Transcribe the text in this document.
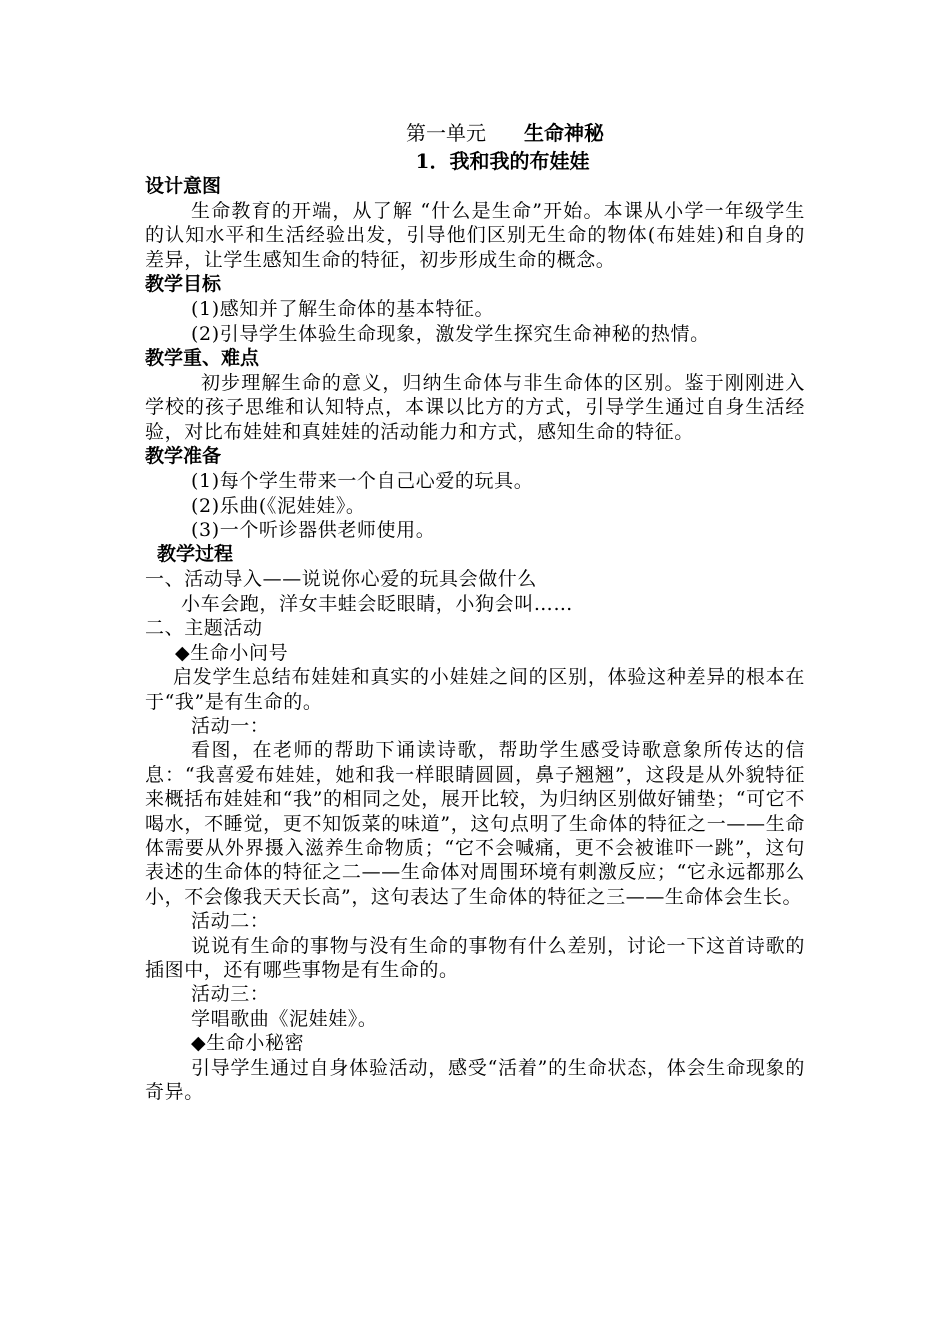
第一单元 生命神秘
1．我和我的布娃娃
设计意图
生命教育的开端，从了解 “什么是生命”开始。本课从小学一年级学生的认知水平和生活经验出发，引导他们区别无生命的物体(布娃娃)和自身的差异，让学生感知生命的特征，初步形成生命的概念。
教学目标
(1)感知并了解生命体的基本特征。
(2)引导学生体验生命现象，激发学生探究生命神秘的热情。
教学重、难点
初步理解生命的意义，归纳生命体与非生命体的区别。鉴于刚刚进入学校的孩子思维和认知特点，本课以比方的方式，引导学生通过自身生活经验，对比布娃娃和真娃娃的活动能力和方式，感知生命的特征。
教学准备
(1)每个学生带来一个自己心爱的玩具。
(2)乐曲(《泥娃娃》。
(3)一个听诊器供老师使用。
教学过程
一、活动导入——说说你心爱的玩具会做什么
小车会跑，洋女丰蛙会眨眼睛，小狗会叫……
二、主题活动
◆生命小问号
启发学生总结布娃娃和真实的小娃娃之间的区别，体验这种差异的根本在于“我”是有生命的。
活动一：
看图，在老师的帮助下诵读诗歌，帮助学生感受诗歌意象所传达的信息：“我喜爱布娃娃，她和我一样眼睛圆圆，鼻子翘翘”，这段是从外貌特征来概括布娃娃和“我”的相同之处，展开比较，为归纳区别做好铺垫；“可它不喝水，不睡觉，更不知饭菜的味道”，这句点明了生命体的特征之一——生命体需要从外界摄入滋养生命物质；“它不会喊痛，更不会被谁吓一跳”，这句表述的生命体的特征之二——生命体对周围环境有刺激反应；“它永远都那么小，不会像我天天长高”，这句表达了生命体的特征之三——生命体会生长。
活动二：
说说有生命的事物与没有生命的事物有什么差别，讨论一下这首诗歌的插图中，还有哪些事物是有生命的。
活动三：
学唱歌曲《泥娃娃》。
◆生命小秘密
引导学生通过自身体验活动，感受“活着”的生命状态，体会生命现象的奇异。
